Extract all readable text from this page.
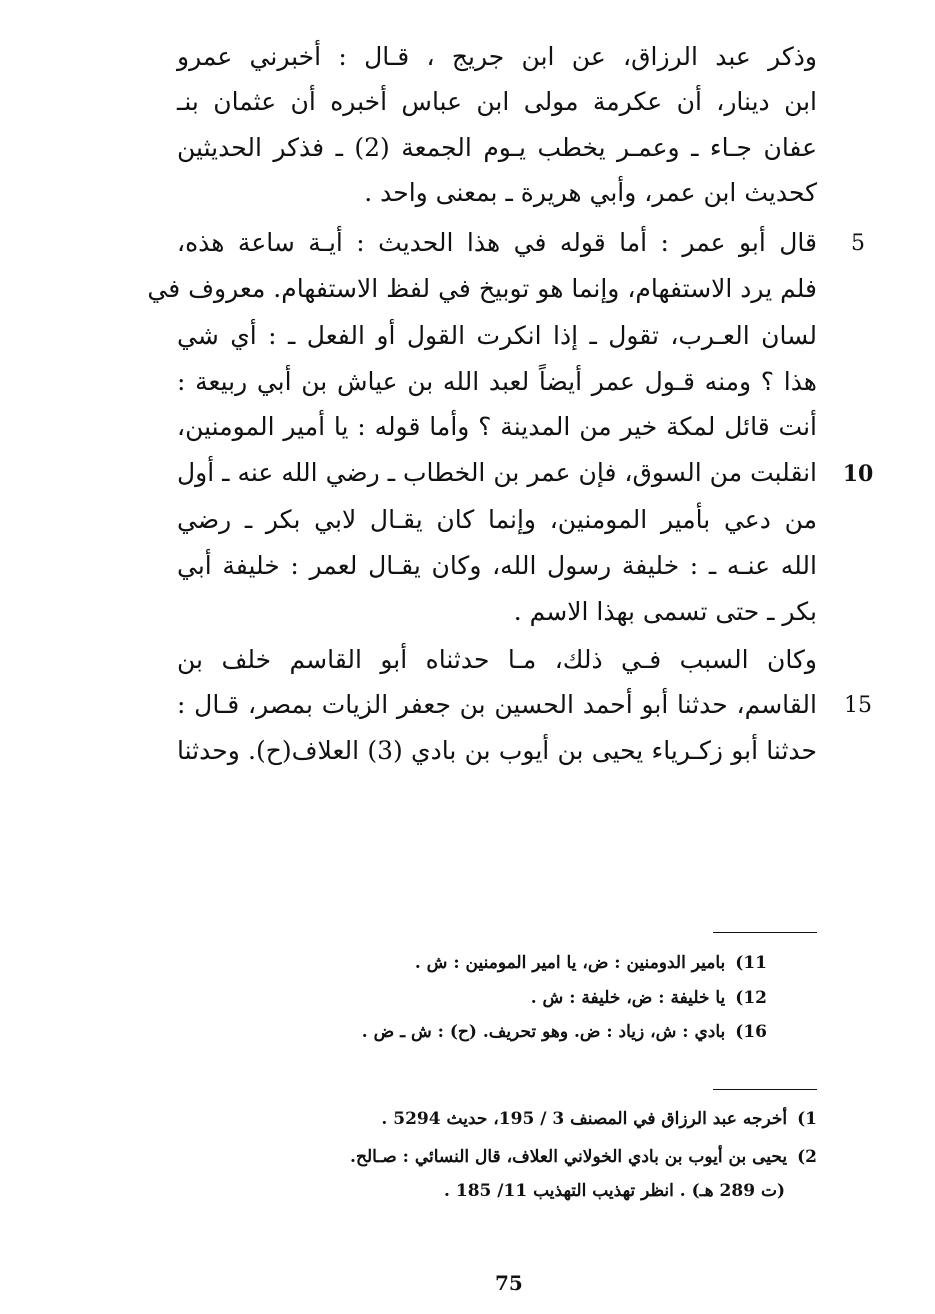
وذكر عبد الرزاق، عن ابن جريج ، قـال : أخبرني عمرو
ابن دينار، أن عكرمة مولى ابن عباس أخبره أن عثمان بنـ
عفان جـاء ـ وعمـر يخطب يـوم الجمعة (2) ـ فذكر الحديثين
كحديث ابن عمر، وأبي هريرة ـ بمعنى واحد .
قال أبو عمر : أما قوله في هذا الحديث : أيـة ساعة هذه،
فلم يرد الاستفهام، وإنما هو توبيخ في لفظ الاستفهام. معروف في
لسان العـرب، تقول ـ إذا انكرت القول أو الفعل ـ : أي شي
هذا ؟ ومنه قـول عمر أيضاً لعبد الله بن عياش بن أبي ربيعة :
أنت قائل لمكة خير من المدينة ؟ وأما قوله : يا أمير المومنين،
انقلبت من السوق، فإن عمر بن الخطاب ـ رضي الله عنه ـ أول
من دعي بأمير المومنين، وإنما كان يقـال لابي بكر ـ رضي
الله عنـه ـ : خليفة رسول الله، وكان يقـال لعمر : خليفة أبي
بكر ـ حتى تسمى بهذا الاسم .
وكان السبب فـي ذلك، مـا حدثناه أبو القاسم خلف بن
القاسم، حدثنا أبو أحمد الحسين بن جعفر الزيات بمصر، قـال :
حدثنا أبو زكـرياء يحيى بن أيوب بن بادي (3) العلاف(ح). وحدثنا
5
10
15
11)بامير الدومنين : ض، يا امير المومنين : ش .
12)يا خليفة : ض، خليفة : ش .
16)بادي : ش، زياد : ض. وهو تحريف. (ح) : ش ـ ض .
1)أخرجه عبد الرزاق في المصنف 3 / 195، حديث 5294 .
2)يحيى بن أيوب بن بادي الخولاني العلاف، قال النسائي : صـالح.
(ت 289 هـ) . انظر تهذيب التهذيب 11/ 185 .
75
